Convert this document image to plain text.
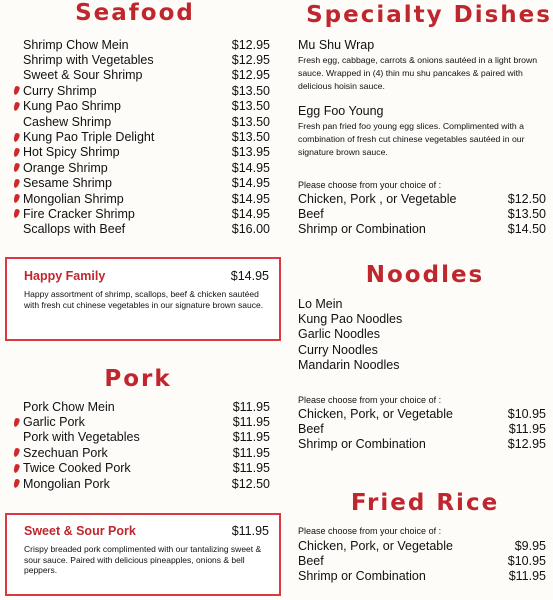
Seafood
Shrimp Chow Mein	$12.95
Shrimp with Vegetables	$12.95
Sweet & Sour Shrimp	$12.95
Curry Shrimp	$13.50
Kung Pao Shrimp	$13.50
Cashew Shrimp	$13.50
Kung Pao Triple Delight	$13.50
Hot Spicy Shrimp	$13.95
Orange Shrimp	$14.95
Sesame Shrimp	$14.95
Mongolian Shrimp	$14.95
Fire Cracker Shrimp	$14.95
Scallops with Beef	$16.00
Happy Family	$14.95
Happy assortment of shrimp, scallops, beef & chicken sautéed with fresh cut chinese vegetables in our signature brown sauce.
Pork
Pork Chow Mein	$11.95
Garlic Pork	$11.95
Pork with Vegetables	$11.95
Szechuan Pork	$11.95
Twice Cooked Pork	$11.95
Mongolian Pork	$12.50
Sweet & Sour Pork	$11.95
Crispy breaded pork complimented with our tantalizing sweet & sour sauce. Paired with delicious pineapples, onions & bell peppers.
Specialty Dishes
Mu Shu Wrap
Fresh egg, cabbage, carrots & onions sautéed in a light brown sauce. Wrapped in (4) thin mu shu pancakes & paired with delicious hoisin sauce.
Egg Foo Young
Fresh pan fried foo young egg slices. Complimented with a combination of fresh cut chinese vegetables sautéed in our signature brown sauce.
Please choose from your choice of :
Chicken, Pork , or Vegetable	$12.50
Beef	$13.50
Shrimp or Combination	$14.50
Noodles
Lo Mein
Kung Pao Noodles
Garlic Noodles
Curry Noodles
Mandarin Noodles
Please choose from your choice of :
Chicken, Pork, or Vegetable	$10.95
Beef	$11.95
Shrimp or Combination	$12.95
Fried Rice
Please choose from your choice of :
Chicken, Pork, or Vegetable	$9.95
Beef	$10.95
Shrimp or Combination	$11.95
